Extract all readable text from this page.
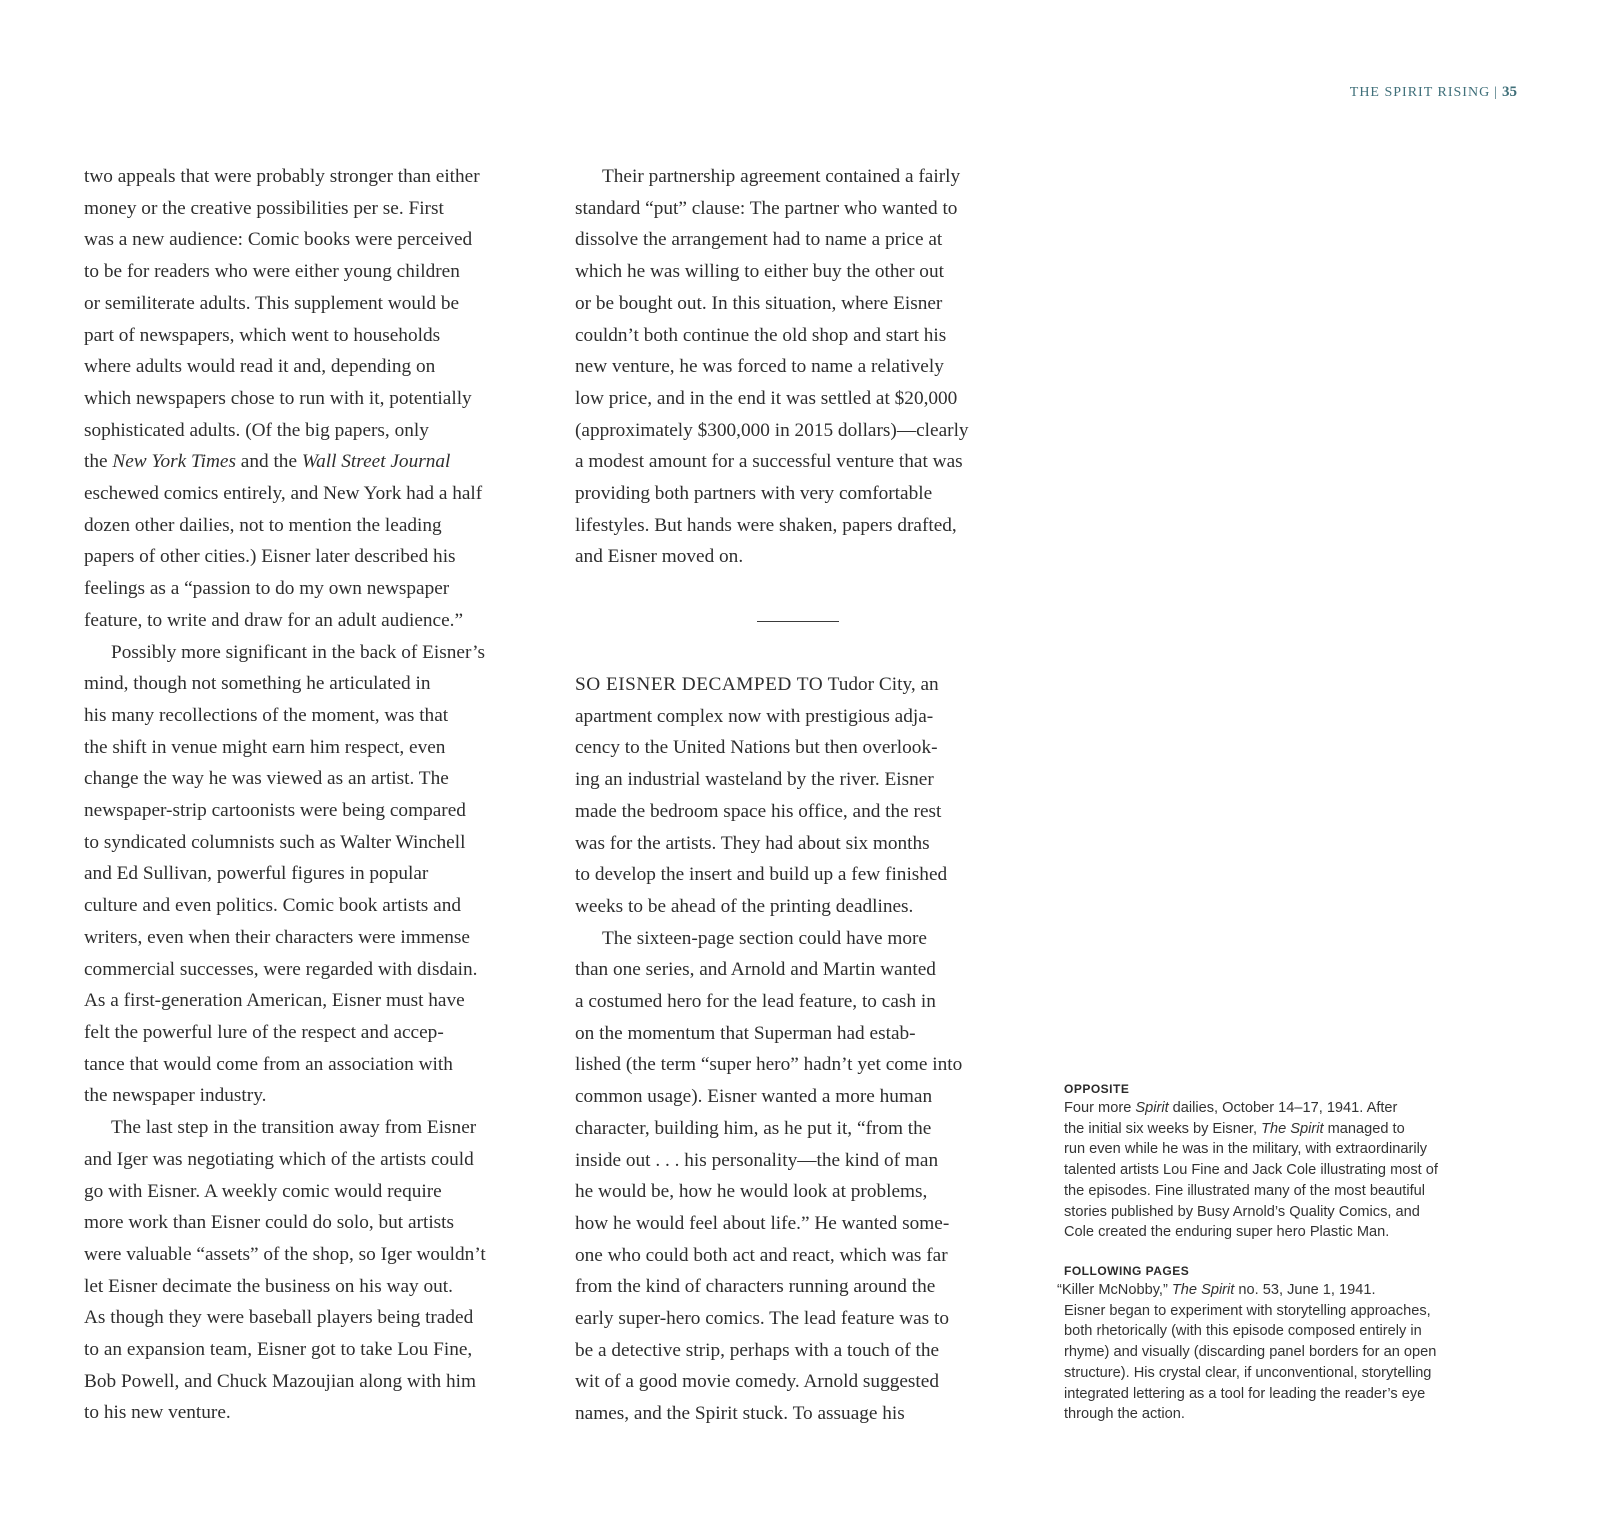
THE SPIRIT RISING | 35
two appeals that were probably stronger than either
money or the creative possibilities per se. First
was a new audience: Comic books were perceived
to be for readers who were either young children
or semiliterate adults. This supplement would be
part of newspapers, which went to households
where adults would read it and, depending on
which newspapers chose to run with it, potentially
sophisticated adults. (Of the big papers, only
the New York Times and the Wall Street Journal
eschewed comics entirely, and New York had a half
dozen other dailies, not to mention the leading
papers of other cities.) Eisner later described his
feelings as a “passion to do my own newspaper
feature, to write and draw for an adult audience.”
Possibly more significant in the back of Eisner’s
mind, though not something he articulated in
his many recollections of the moment, was that
the shift in venue might earn him respect, even
change the way he was viewed as an artist. The
newspaper-strip cartoonists were being compared
to syndicated columnists such as Walter Winchell
and Ed Sullivan, powerful figures in popular
culture and even politics. Comic book artists and
writers, even when their characters were immense
commercial successes, were regarded with disdain.
As a first-generation American, Eisner must have
felt the powerful lure of the respect and accep-
tance that would come from an association with
the newspaper industry.
The last step in the transition away from Eisner
and Iger was negotiating which of the artists could
go with Eisner. A weekly comic would require
more work than Eisner could do solo, but artists
were valuable “assets” of the shop, so Iger wouldn’t
let Eisner decimate the business on his way out.
As though they were baseball players being traded
to an expansion team, Eisner got to take Lou Fine,
Bob Powell, and Chuck Mazoujian along with him
to his new venture.
Their partnership agreement contained a fairly
standard “put” clause: The partner who wanted to
dissolve the arrangement had to name a price at
which he was willing to either buy the other out
or be bought out. In this situation, where Eisner
couldn’t both continue the old shop and start his
new venture, he was forced to name a relatively
low price, and in the end it was settled at $20,000
(approximately $300,000 in 2015 dollars)—clearly
a modest amount for a successful venture that was
providing both partners with very comfortable
lifestyles. But hands were shaken, papers drafted,
and Eisner moved on.
SO EISNER DECAMPED TO Tudor City, an
apartment complex now with prestigious adja-
cency to the United Nations but then overlook-
ing an industrial wasteland by the river. Eisner
made the bedroom space his office, and the rest
was for the artists. They had about six months
to develop the insert and build up a few finished
weeks to be ahead of the printing deadlines.
The sixteen-page section could have more
than one series, and Arnold and Martin wanted
a costumed hero for the lead feature, to cash in
on the momentum that Superman had estab-
lished (the term “super hero” hadn’t yet come into
common usage). Eisner wanted a more human
character, building him, as he put it, “from the
inside out . . . his personality—the kind of man
he would be, how he would look at problems,
how he would feel about life.” He wanted some-
one who could both act and react, which was far
from the kind of characters running around the
early super-hero comics. The lead feature was to
be a detective strip, perhaps with a touch of the
wit of a good movie comedy. Arnold suggested
names, and the Spirit stuck. To assuage his
OPPOSITE
Four more Spirit dailies, October 14–17, 1941. After
the initial six weeks by Eisner, The Spirit managed to
run even while he was in the military, with extraordinarily
talented artists Lou Fine and Jack Cole illustrating most of
the episodes. Fine illustrated many of the most beautiful
stories published by Busy Arnold’s Quality Comics, and
Cole created the enduring super hero Plastic Man.
FOLLOWING PAGES
“Killer McNobby,” The Spirit no. 53, June 1, 1941.
Eisner began to experiment with storytelling approaches,
both rhetorically (with this episode composed entirely in
rhyme) and visually (discarding panel borders for an open
structure). His crystal clear, if unconventional, storytelling
integrated lettering as a tool for leading the reader’s eye
through the action.
